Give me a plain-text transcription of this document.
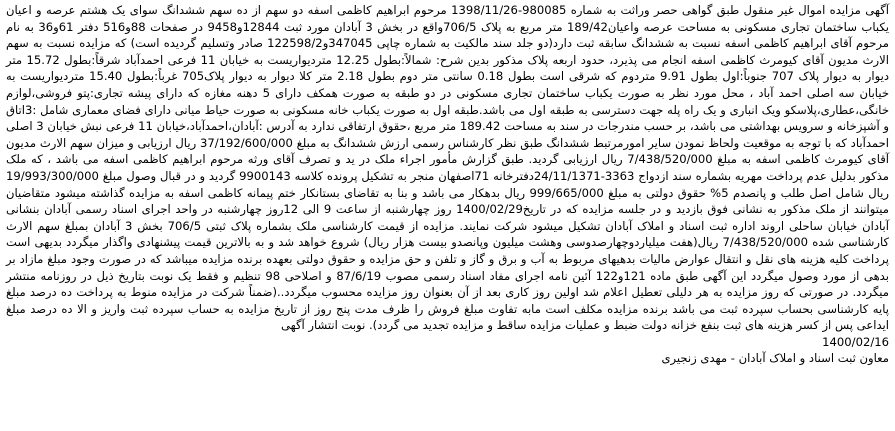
آگهی مزایده اموال غیر منقول طبق گواهی حصر وراثت به شماره 980085-1398/11/26 مرحوم ابراهیم کاظمی اسفه دو سهم از ده سهم ششدانگ سوای یک هشتم عرصه و اعیان یکباب ساختمان تجاری مسکونی به مساحت عرصه واعیان189/42 متر مربع به پلاک 706/5واقع در بخش 3 آبادان مورد ثبت 12844و9458 در صفحات 88و516 دفتر 61و36 به نام مرحوم آقای ابراهیم کاظمی اسفه نسبت به ششدانگ سابقه ثبت دارد(دو جلد سند مالکیت به شماره چاپی 347045و122598/2 صادر وتسلیم گردیده است) که مزایده نسبت به سهم الارث مدیون آقای کیومرث کاظمی اسفه انجام می پذیرد، حدود اربعه پلاک مذکور بدین شرح: شمالاً:بطول 12.25 متردیواریست به خیابان 11 فرعی احمدآباد شرقاً:بطول 15.72 متر دیوار به دیوار پلاک 707 جنوباً:اول بطول 9.91 متردوم که شرقی است بطول 0.18 سانتی متر دوم بطول 2.18 متر کلا دیوار به دیوار پلاک705 غرباً:بطول 15.40 متردیواریست به خیابان سه اصلی احمد آباد ، محل مورد نظر به صورت یکباب ساختمان تجاری مسکونی در دو طبقه به صورت همکف دارای 5 دهنه مغازه که دارای پیشه تجاری:پتو فروشی،لوازم خانگی،عطاری،پلاسکو ویک انباری و یک راه پله جهت دسترسی به طبقه اول می باشد.طبقه اول به صورت یکباب خانه مسکونی به صورت حیاط میانی دارای فضای معماری شامل :3اتاق و آشپزخانه و سرویس بهداشتی می باشد، بر حسب مندرجات در سند به مساحت 189.42 متر مربع ،حقوق ارتفاقی ندارد به آدرس :آبادان،احمدآباد،خیابان 11 فرعی نبش خیابان 3 اصلی احمدآباد که با توجه به موقعیت ولحاظ نمودن سایر امورمرتبط ششدانگ طبق نظر کارشناس رسمی ارزش ششدانگ به مبلغ 37/192/600/000 ریال ارزیابی و میزان سهم الارث مدیون آقای کیومرث کاظمی اسفه به مبلغ 7/438/520/000 ریال ارزیابی گردید. طبق گزارش مأمور اجراء ملک در ید و تصرف آقای ورثه مرحوم ابراهیم کاظمی اسفه می باشد ، که ملک مذکور بدلیل عدم پرداخت مهریه بشماره سند ازدواج 3363-24/11/1371دفترخانه 71اصفهان منجر به تشکیل پرونده کلاسه 9900143 گردید و در قبال وصول مبلغ 19/993/300/000 ریال شامل اصل طلب و پانصدم 5% حقوق دولتی به مبلغ 999/665/000 ریال بدهکار می باشد و بنا به تقاضای بستانکار ختم پیمانه کاظمی اسفه به مزایده گذاشته میشود متقاضیان میتوانند از ملک مذکور به نشانی فوق بازدید و در جلسه مزایده که در تاریخ1400/02/29 روز چهارشنبه از ساعت 9 الی 12روز چهارشنبه در واحد اجرای اسناد رسمی آبادان بنشانی آبادان خیابان ساحلی اروند اداره ثبت اسناد و املاک آبادان تشکیل میشود شرکت نمایند. مزایده از قیمت کارشناسی ملک بشماره پلاک ثبتی 706/5 بخش 3 آبادان بمبلغ سهم الارث کارشناسی شده 7/438/520/000 ریال(هفت میلیاردوچهارصدوسی وهشت میلیون وپانصدو بیست هزار ریال) شروع خواهد شد و به بالاترین قیمت پیشنهادی واگذار میگردد بدیهی است پرداخت کلیه هزینه های نقل و انتقال عوارض مالیات بدهیهای مربوط به آب و برق و گاز و تلفن و حق مزایده و حقوق دولتی بعهده برنده مزایده میباشد که در صورت وجود مبلغ مازاد بر بدهی از مورد وصول میگردد این آگهی طبق ماده 121و122 آئین نامه اجرای مفاد اسناد رسمی مصوب 87/6/19 و اصلاحی 98 تنظیم و فقط یک نوبت بتاریخ ذیل در روزنامه منتشر میگردد. در صورتی که روز مزایده به هر دلیلی تعطیل اعلام شد اولین روز کاری بعد از آن بعنوان روز مزایده محسوب میگردد..(ضمناً شرکت در مزایده منوط به پرداخت ده درصد مبلغ پایه کارشناسی بحساب سپرده ثبت می باشد برنده مزایده مکلف است مابه تفاوت مبلغ فروش را ظرف مدت پنج روز از تاریخ مزایده به حساب سپرده ثبت واریز و الا ده درصد مبلغ ایداعی پس از کسر هزینه های ثبت بنفع خزانه دولت ضبط و عملیات مزایده ساقط و مزایده تجدید می گردد). نوبت انتشار آگهی

1400/02/16

معاون ثبت اسناد و املاک آبادان - مهدی زنجیری
